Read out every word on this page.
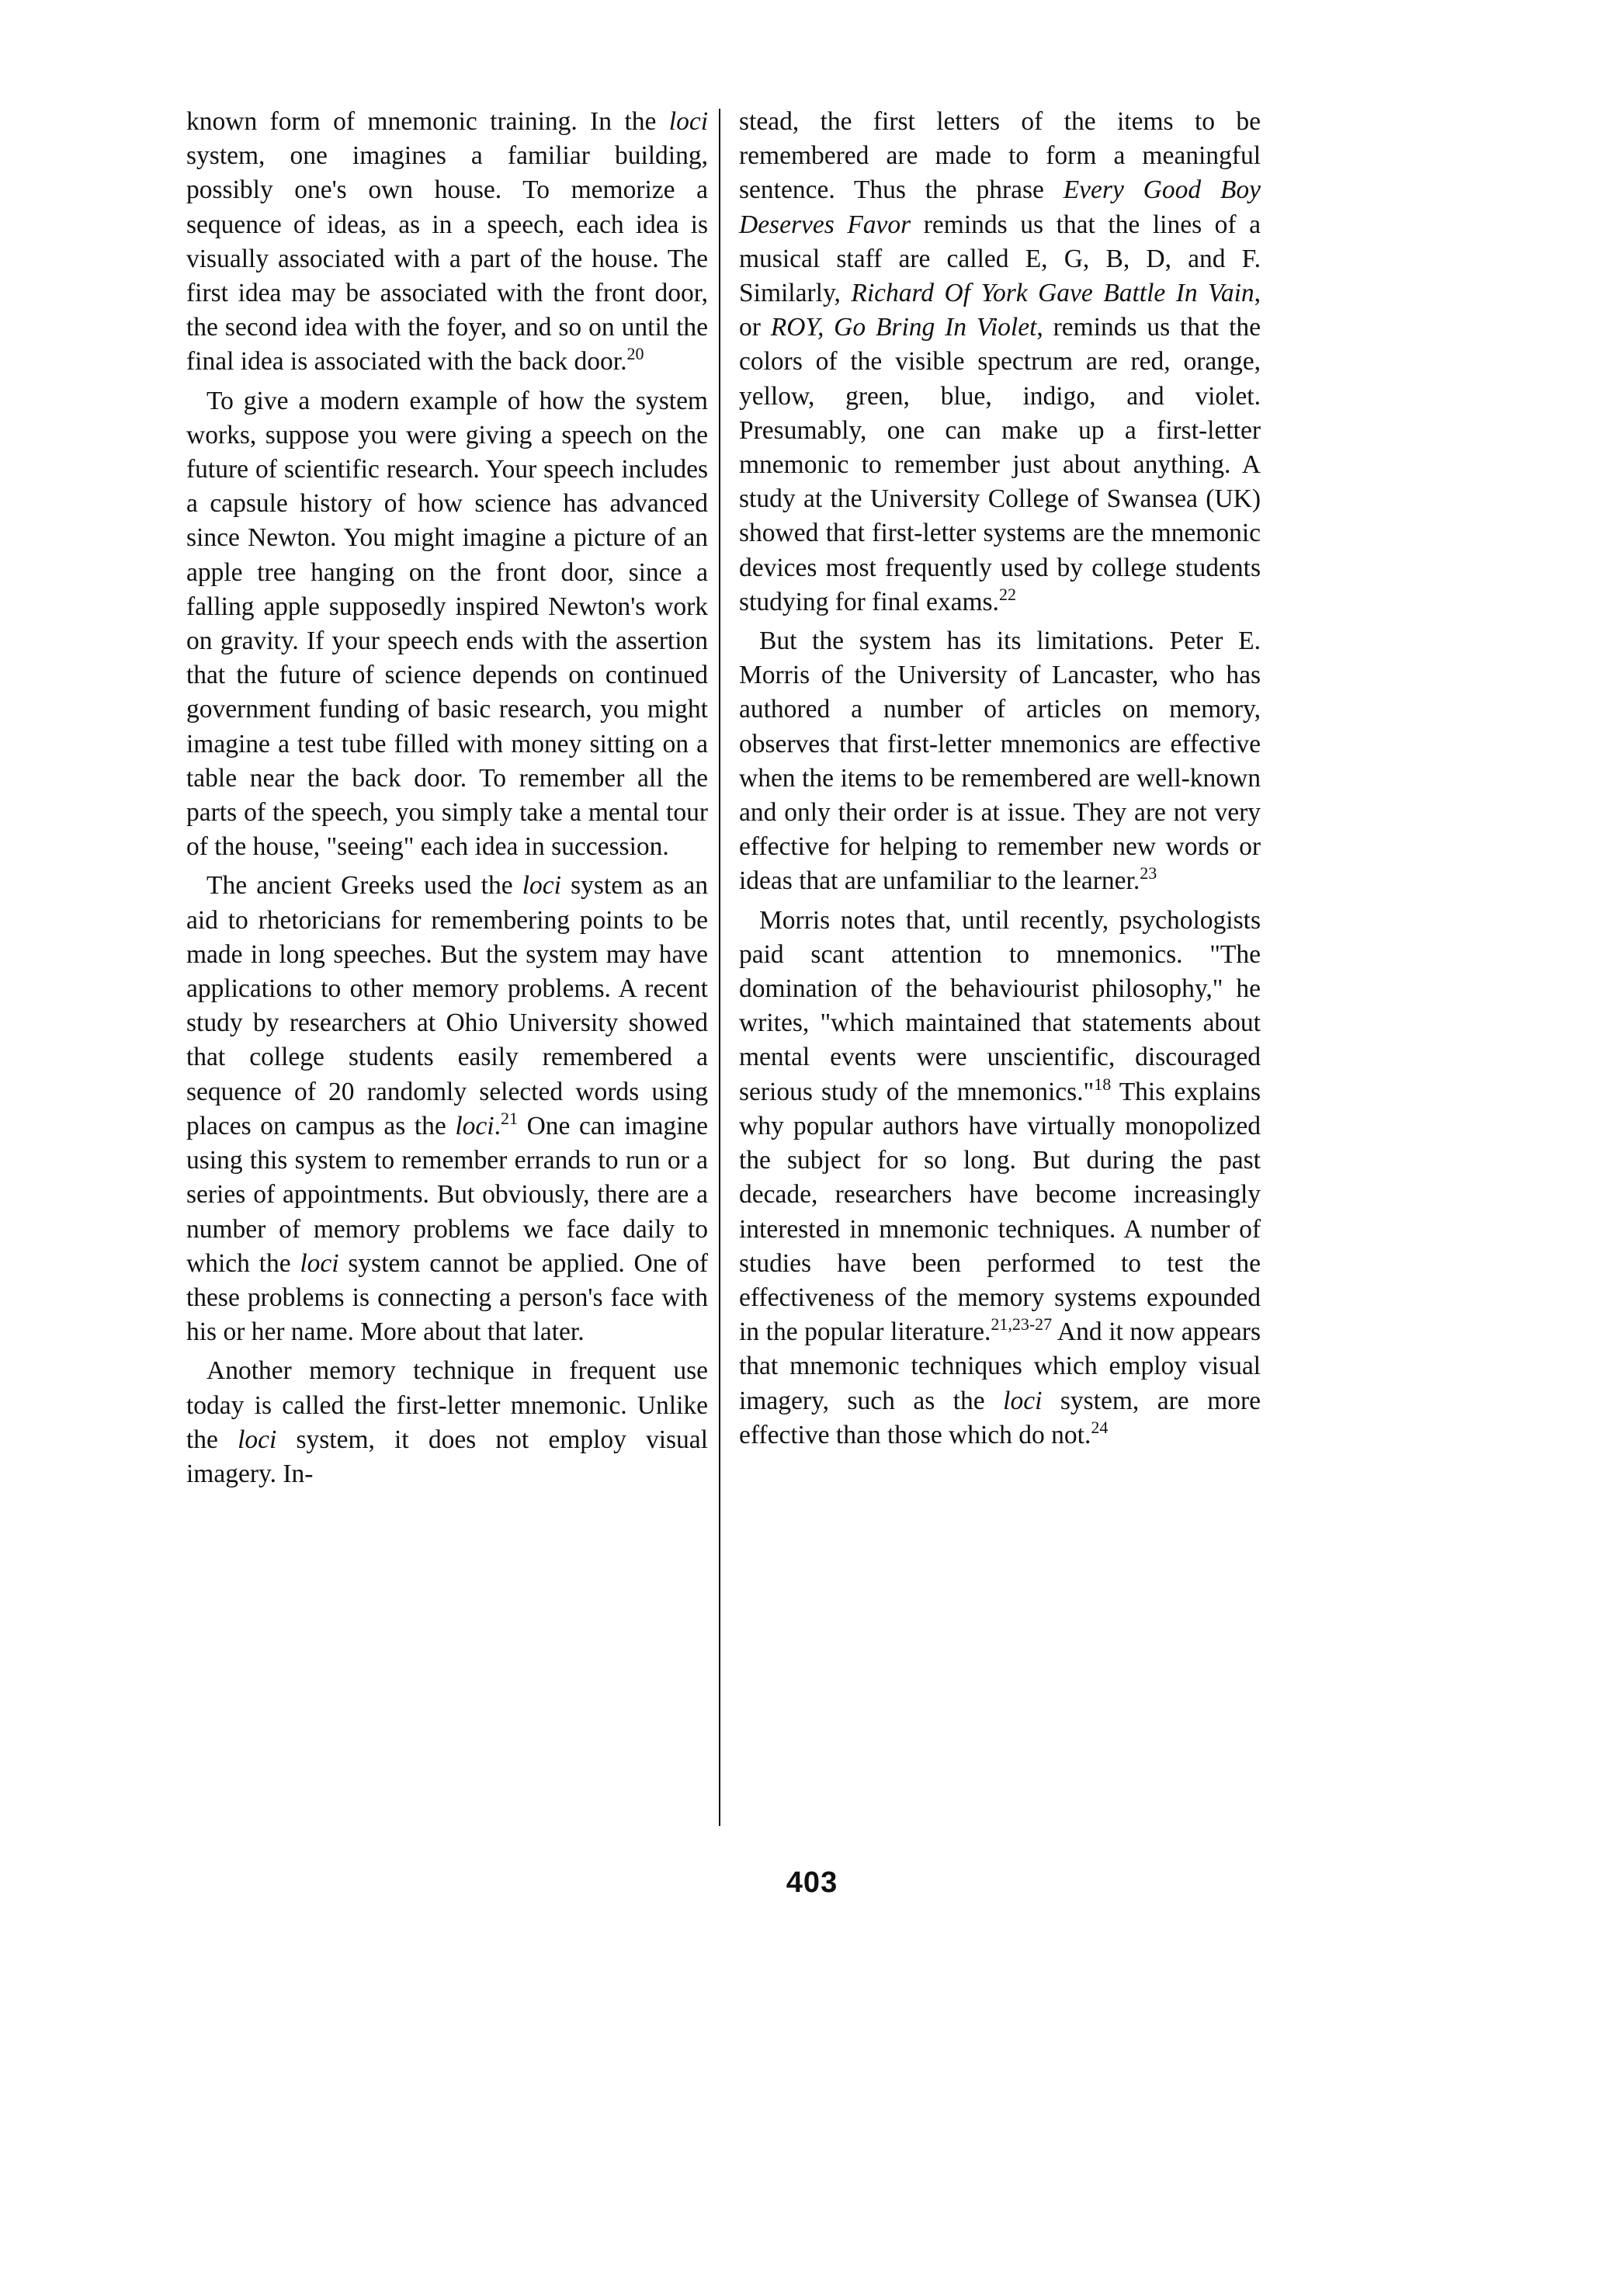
known form of mnemonic training. In the loci system, one imagines a familiar building, possibly one's own house. To memorize a sequence of ideas, as in a speech, each idea is visually associated with a part of the house. The first idea may be associated with the front door, the second idea with the foyer, and so on until the final idea is associated with the back door.$^{20}$

To give a modern example of how the system works, suppose you were giving a speech on the future of scientific research. Your speech includes a capsule history of how science has advanced since Newton. You might imagine a picture of an apple tree hanging on the front door, since a falling apple supposedly inspired Newton's work on gravity. If your speech ends with the assertion that the future of science depends on continued government funding of basic research, you might imagine a test tube filled with money sitting on a table near the back door. To remember all the parts of the speech, you simply take a mental tour of the house, "seeing" each idea in succession.

The ancient Greeks used the loci system as an aid to rhetoricians for remembering points to be made in long speeches. But the system may have applications to other memory problems. A recent study by researchers at Ohio University showed that college students easily remembered a sequence of 20 randomly selected words using places on campus as the loci.$^{21}$ One can imagine using this system to remember errands to run or a series of appointments. But obviously, there are a number of memory problems we face daily to which the loci system cannot be applied. One of these problems is connecting a person's face with his or her name. More about that later.

Another memory technique in frequent use today is called the first-letter mnemonic. Unlike the loci system, it does not employ visual imagery. In-

stead, the first letters of the items to be remembered are made to form a meaningful sentence. Thus the phrase Every Good Boy Deserves Favor reminds us that the lines of a musical staff are called E, G, B, D, and F. Similarly, Richard Of York Gave Battle In Vain, or ROY, Go Bring In Violet, reminds us that the colors of the visible spectrum are red, orange, yellow, green, blue, indigo, and violet. Presumably, one can make up a first-letter mnemonic to remember just about anything. A study at the University College of Swansea (UK) showed that first-letter systems are the mnemonic devices most frequently used by college students studying for final exams.$^{22}$

But the system has its limitations. Peter E. Morris of the University of Lancaster, who has authored a number of articles on memory, observes that first-letter mnemonics are effective when the items to be remembered are well-known and only their order is at issue. They are not very effective for helping to remember new words or ideas that are unfamiliar to the learner.$^{23}$

Morris notes that, until recently, psychologists paid scant attention to mnemonics. "The domination of the behaviourist philosophy," he writes, "which maintained that statements about mental events were unscientific, discouraged serious study of the mnemonics."$^{18}$ This explains why popular authors have virtually monopolized the subject for so long. But during the past decade, researchers have become increasingly interested in mnemonic techniques. A number of studies have been performed to test the effectiveness of the memory systems expounded in the popular literature.$^{21,23-27}$ And it now appears that mnemonic techniques which employ visual imagery, such as the loci system, are more effective than those which do not.$^{24}$

403
